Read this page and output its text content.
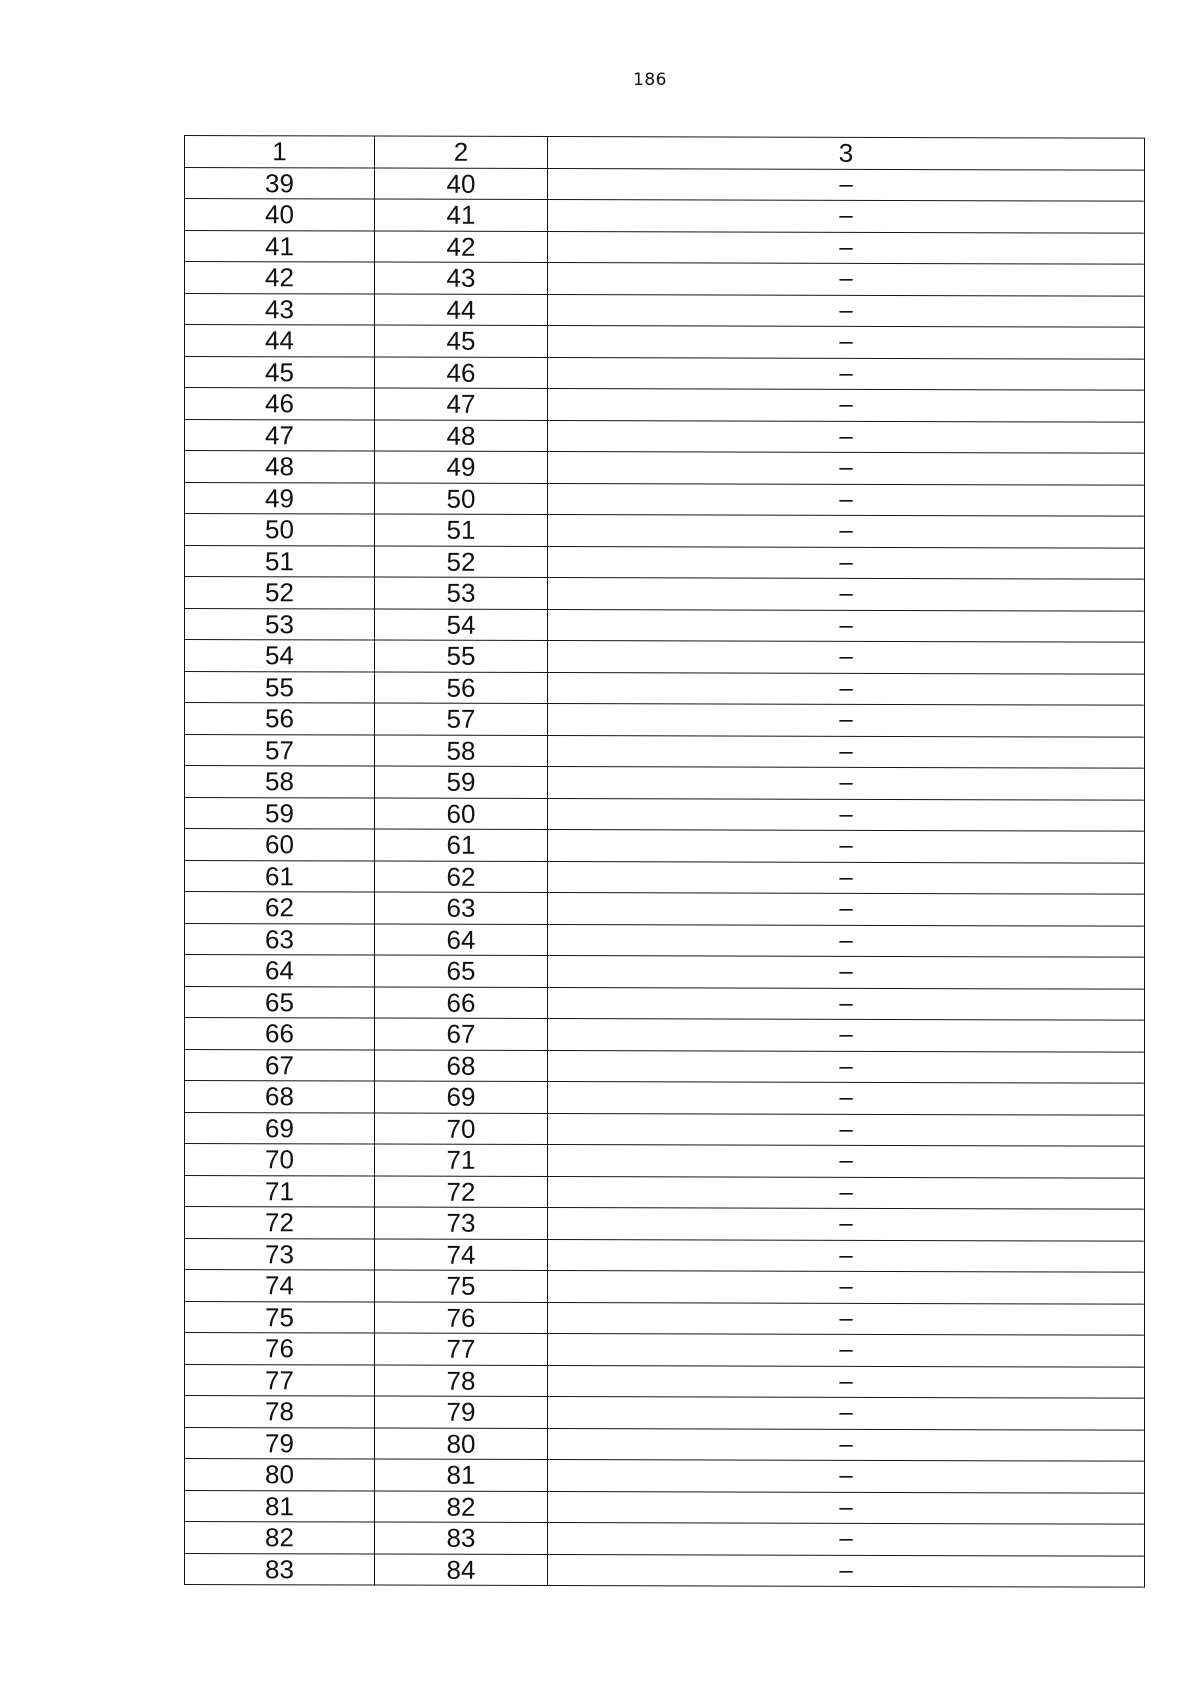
186
1	2	3
39	40	–
40	41	–
41	42	–
42	43	–
43	44	–
44	45	–
45	46	–
46	47	–
47	48	–
48	49	–
49	50	–
50	51	–
51	52	–
52	53	–
53	54	–
54	55	–
55	56	–
56	57	–
57	58	–
58	59	–
59	60	–
60	61	–
61	62	–
62	63	–
63	64	–
64	65	–
65	66	–
66	67	–
67	68	–
68	69	–
69	70	–
70	71	–
71	72	–
72	73	–
73	74	–
74	75	–
75	76	–
76	77	–
77	78	–
78	79	–
79	80	–
80	81	–
81	82	–
82	83	–
83	84	–
